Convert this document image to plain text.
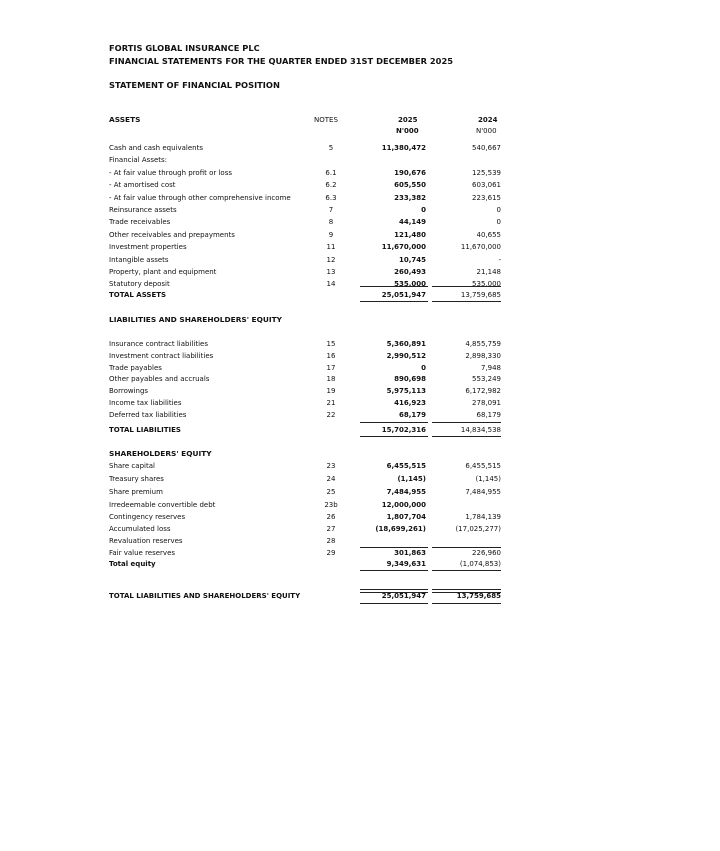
FORTIS GLOBAL INSURANCE PLC
FINANCIAL STATEMENTS FOR THE QUARTER ENDED 31ST DECEMBER 2025
STATEMENT OF FINANCIAL POSITION
ASSETS	NOTES	2025	2024
N'000	N'000
Cash and cash equivalents	5	11,380,472	540,667
Financial Assets:
- At fair value through profit or loss	6.1	190,676	125,539
- At amortised cost	6.2	605,550	603,061
- At fair value through other comprehensive income	6.3	233,382	223,615
Reinsurance assets	7	0	0
Trade receivables	8	44,149	0
Other receivables and prepayments	9	121,480	40,655
Investment properties	11	11,670,000	11,670,000
Intangible assets	12	10,745	-
Property, plant and equipment	13	260,493	21,148
Statutory deposit	14	535,000	535,000
TOTAL ASSETS	25,051,947	13,759,685
LIABILITIES AND SHAREHOLDERS' EQUITY
Insurance contract liabilities	15	5,360,891	4,855,759
Investment contract liabilities	16	2,990,512	2,898,330
Trade payables	17	0	7,948
Other payables and accruals	18	890,698	553,249
Borrowings	19	5,975,113	6,172,982
Income tax liabilities	21	416,923	278,091
Deferred tax liabilities	22	68,179	68,179
TOTAL LIABILITIES	15,702,316	14,834,538
SHAREHOLDERS' EQUITY
Share capital	23	6,455,515	6,455,515
Treasury shares	24	(1,145)	(1,145)
Share premium	25	7,484,955	7,484,955
Irredeemable convertible debt	23b	12,000,000
Contingency reserves	26	1,807,704	1,784,139
Accumulated loss	27	(18,699,261)	(17,025,277)
Revaluation reserves	28
Fair value reserves	29	301,863	226,960
Total equity	9,349,631	(1,074,853)
TOTAL LIABILITIES AND SHAREHOLDERS' EQUITY	25,051,947	13,759,685
